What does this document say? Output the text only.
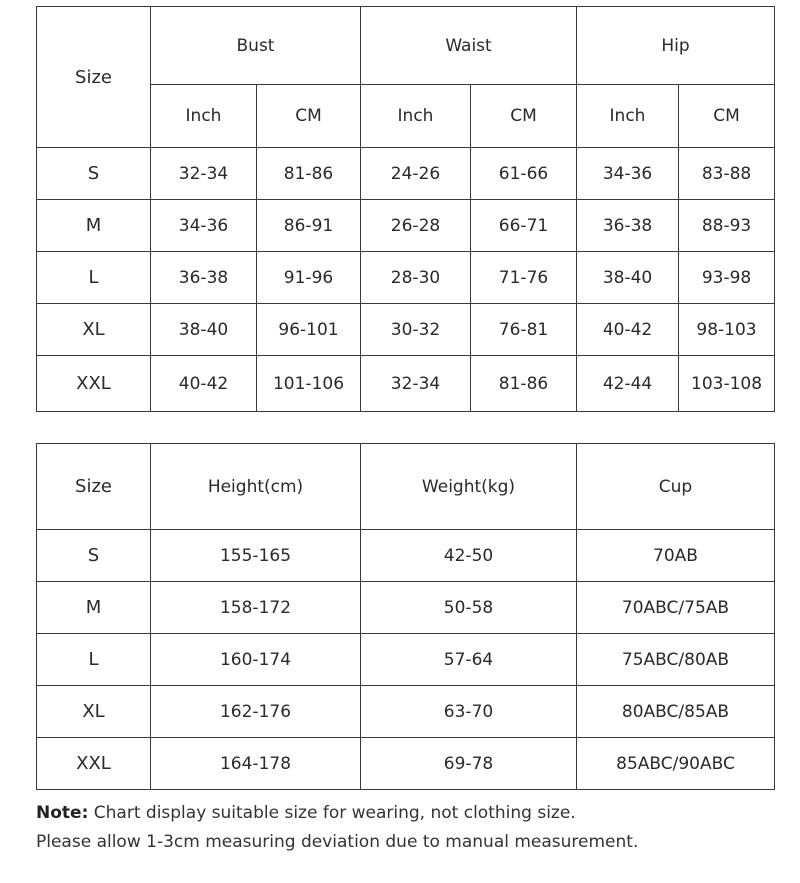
Size	Bust		Waist		Hip	
	Inch	CM	Inch	CM	Inch	CM
S	32-34	81-86	24-26	61-66	34-36	83-88
M	34-36	86-91	26-28	66-71	36-38	88-93
L	36-38	91-96	28-30	71-76	38-40	93-98
XL	38-40	96-101	30-32	76-81	40-42	98-103
XXL	40-42	101-106	32-34	81-86	42-44	103-108
Size	Height(cm)	Weight(kg)	Cup
S	155-165	42-50	70AB
M	158-172	50-58	70ABC/75AB
L	160-174	57-64	75ABC/80AB
XL	162-176	63-70	80ABC/85AB
XXL	164-178	69-78	85ABC/90ABC
Note: Chart display suitable size for wearing, not clothing size.
Please allow 1-3cm measuring deviation due to manual measurement.
